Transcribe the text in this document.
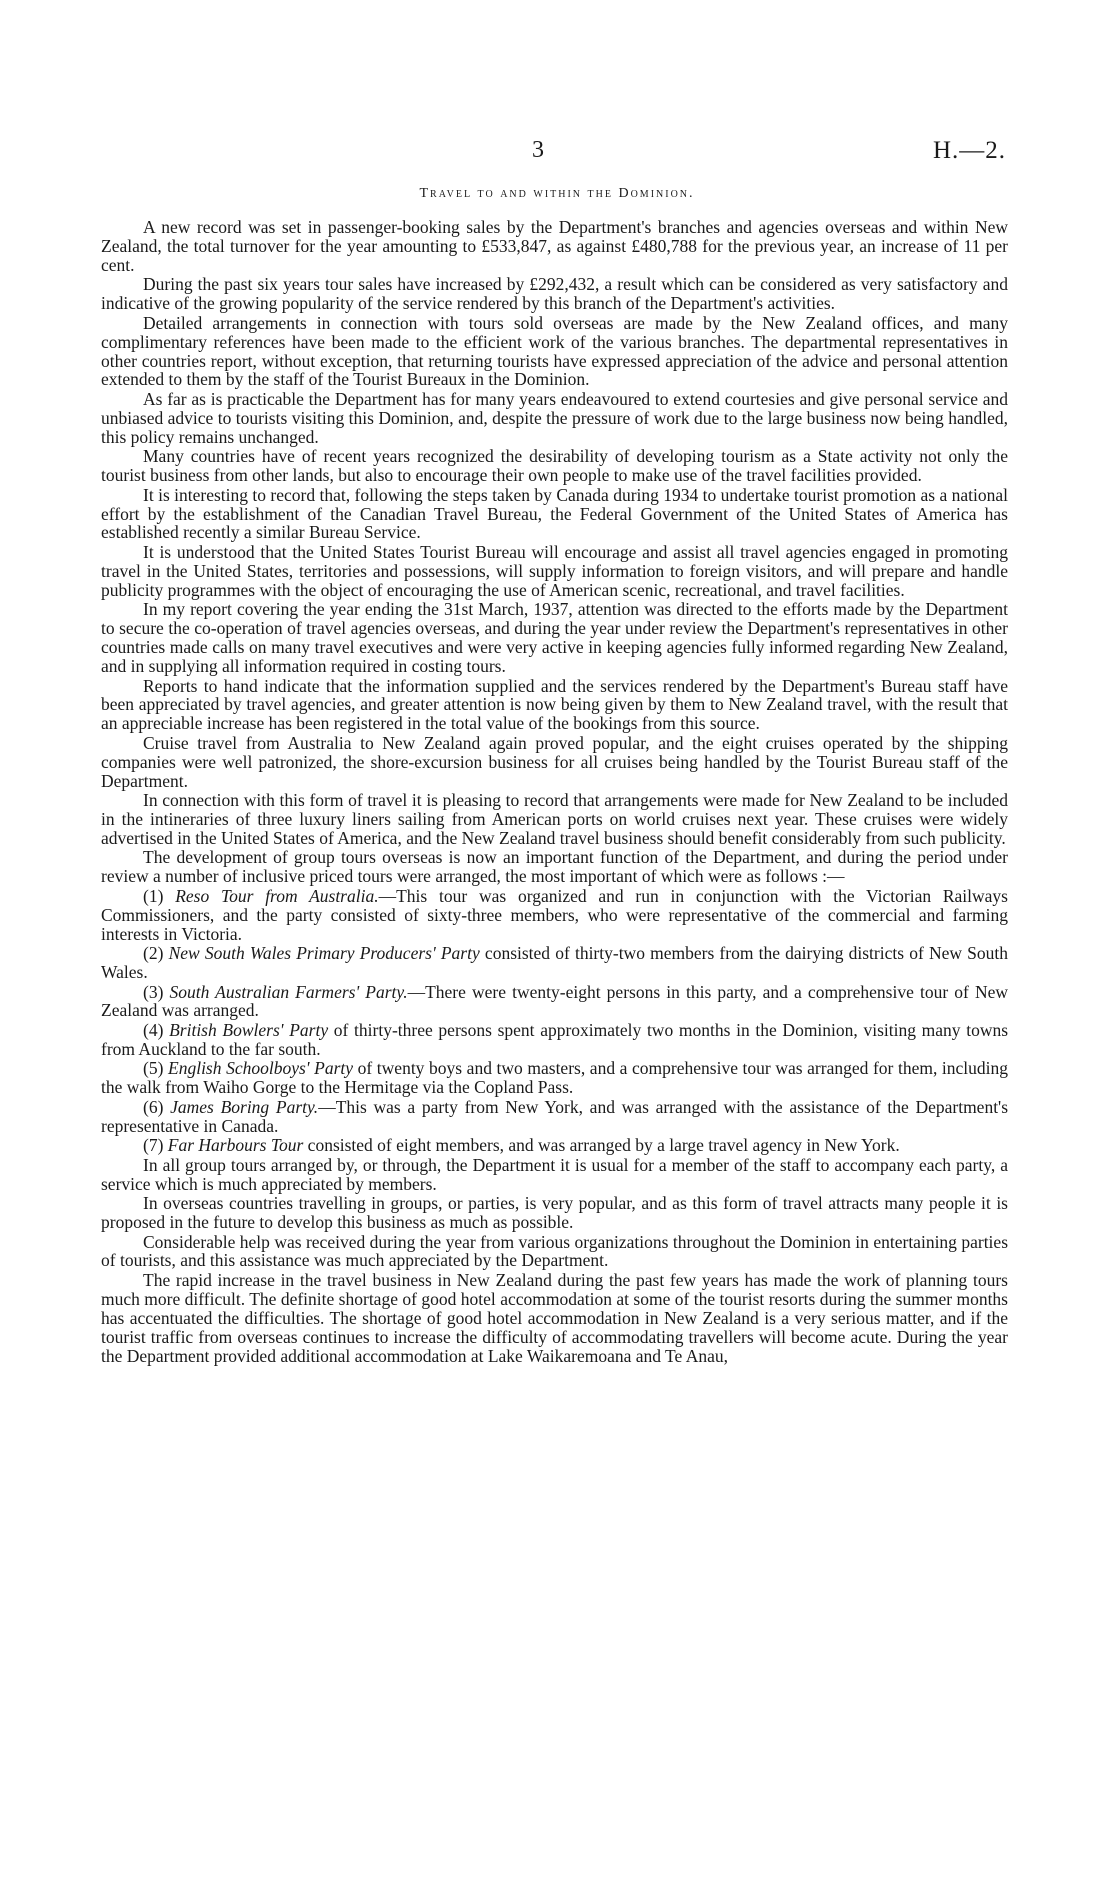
3	H.—2.
Travel to and within the Dominion.

A new record was set in passenger-booking sales by the Department's branches and agencies overseas and within New Zealand, the total turnover for the year amounting to £533,847, as against £480,788 for the previous year, an increase of 11 per cent.

During the past six years tour sales have increased by £292,432, a result which can be considered as very satisfactory and indicative of the growing popularity of the service rendered by this branch of the Department's activities.

Detailed arrangements in connection with tours sold overseas are made by the New Zealand offices, and many complimentary references have been made to the efficient work of the various branches. The departmental representatives in other countries report, without exception, that returning tourists have expressed appreciation of the advice and personal attention extended to them by the staff of the Tourist Bureaux in the Dominion.

As far as is practicable the Department has for many years endeavoured to extend courtesies and give personal service and unbiased advice to tourists visiting this Dominion, and, despite the pressure of work due to the large business now being handled, this policy remains unchanged.

Many countries have of recent years recognized the desirability of developing tourism as a State activity not only the tourist business from other lands, but also to encourage their own people to make use of the travel facilities provided.

It is interesting to record that, following the steps taken by Canada during 1934 to undertake tourist promotion as a national effort by the establishment of the Canadian Travel Bureau, the Federal Government of the United States of America has established recently a similar Bureau Service.

It is understood that the United States Tourist Bureau will encourage and assist all travel agencies engaged in promoting travel in the United States, territories and possessions, will supply information to foreign visitors, and will prepare and handle publicity programmes with the object of encouraging the use of American scenic, recreational, and travel facilities.

In my report covering the year ending the 31st March, 1937, attention was directed to the efforts made by the Department to secure the co-operation of travel agencies overseas, and during the year under review the Department's representatives in other countries made calls on many travel executives and were very active in keeping agencies fully informed regarding New Zealand, and in supplying all information required in costing tours.

Reports to hand indicate that the information supplied and the services rendered by the Department's Bureau staff have been appreciated by travel agencies, and greater attention is now being given by them to New Zealand travel, with the result that an appreciable increase has been registered in the total value of the bookings from this source.

Cruise travel from Australia to New Zealand again proved popular, and the eight cruises operated by the shipping companies were well patronized, the shore-excursion business for all cruises being handled by the Tourist Bureau staff of the Department.

In connection with this form of travel it is pleasing to record that arrangements were made for New Zealand to be included in the intineraries of three luxury liners sailing from American ports on world cruises next year. These cruises were widely advertised in the United States of America, and the New Zealand travel business should benefit considerably from such publicity.

The development of group tours overseas is now an important function of the Department, and during the period under review a number of inclusive priced tours were arranged, the most important of which were as follows :—

(1) Reso Tour from Australia.—This tour was organized and run in conjunction with the Victorian Railways Commissioners, and the party consisted of sixty-three members, who were representative of the commercial and farming interests in Victoria.

(2) New South Wales Primary Producers' Party consisted of thirty-two members from the dairying districts of New South Wales.

(3) South Australian Farmers' Party.—There were twenty-eight persons in this party, and a comprehensive tour of New Zealand was arranged.

(4) British Bowlers' Party of thirty-three persons spent approximately two months in the Dominion, visiting many towns from Auckland to the far south.

(5) English Schoolboys' Party of twenty boys and two masters, and a comprehensive tour was arranged for them, including the walk from Waiho Gorge to the Hermitage via the Copland Pass.

(6) James Boring Party.—This was a party from New York, and was arranged with the assistance of the Department's representative in Canada.

(7) Far Harbours Tour consisted of eight members, and was arranged by a large travel agency in New York.

In all group tours arranged by, or through, the Department it is usual for a member of the staff to accompany each party, a service which is much appreciated by members.

In overseas countries travelling in groups, or parties, is very popular, and as this form of travel attracts many people it is proposed in the future to develop this business as much as possible.

Considerable help was received during the year from various organizations throughout the Dominion in entertaining parties of tourists, and this assistance was much appreciated by the Department.

The rapid increase in the travel business in New Zealand during the past few years has made the work of planning tours much more difficult. The definite shortage of good hotel accommodation at some of the tourist resorts during the summer months has accentuated the difficulties. The shortage of good hotel accommodation in New Zealand is a very serious matter, and if the tourist traffic from overseas continues to increase the difficulty of accommodating travellers will become acute. During the year the Department provided additional accommodation at Lake Waikaremoana and Te Anau,
